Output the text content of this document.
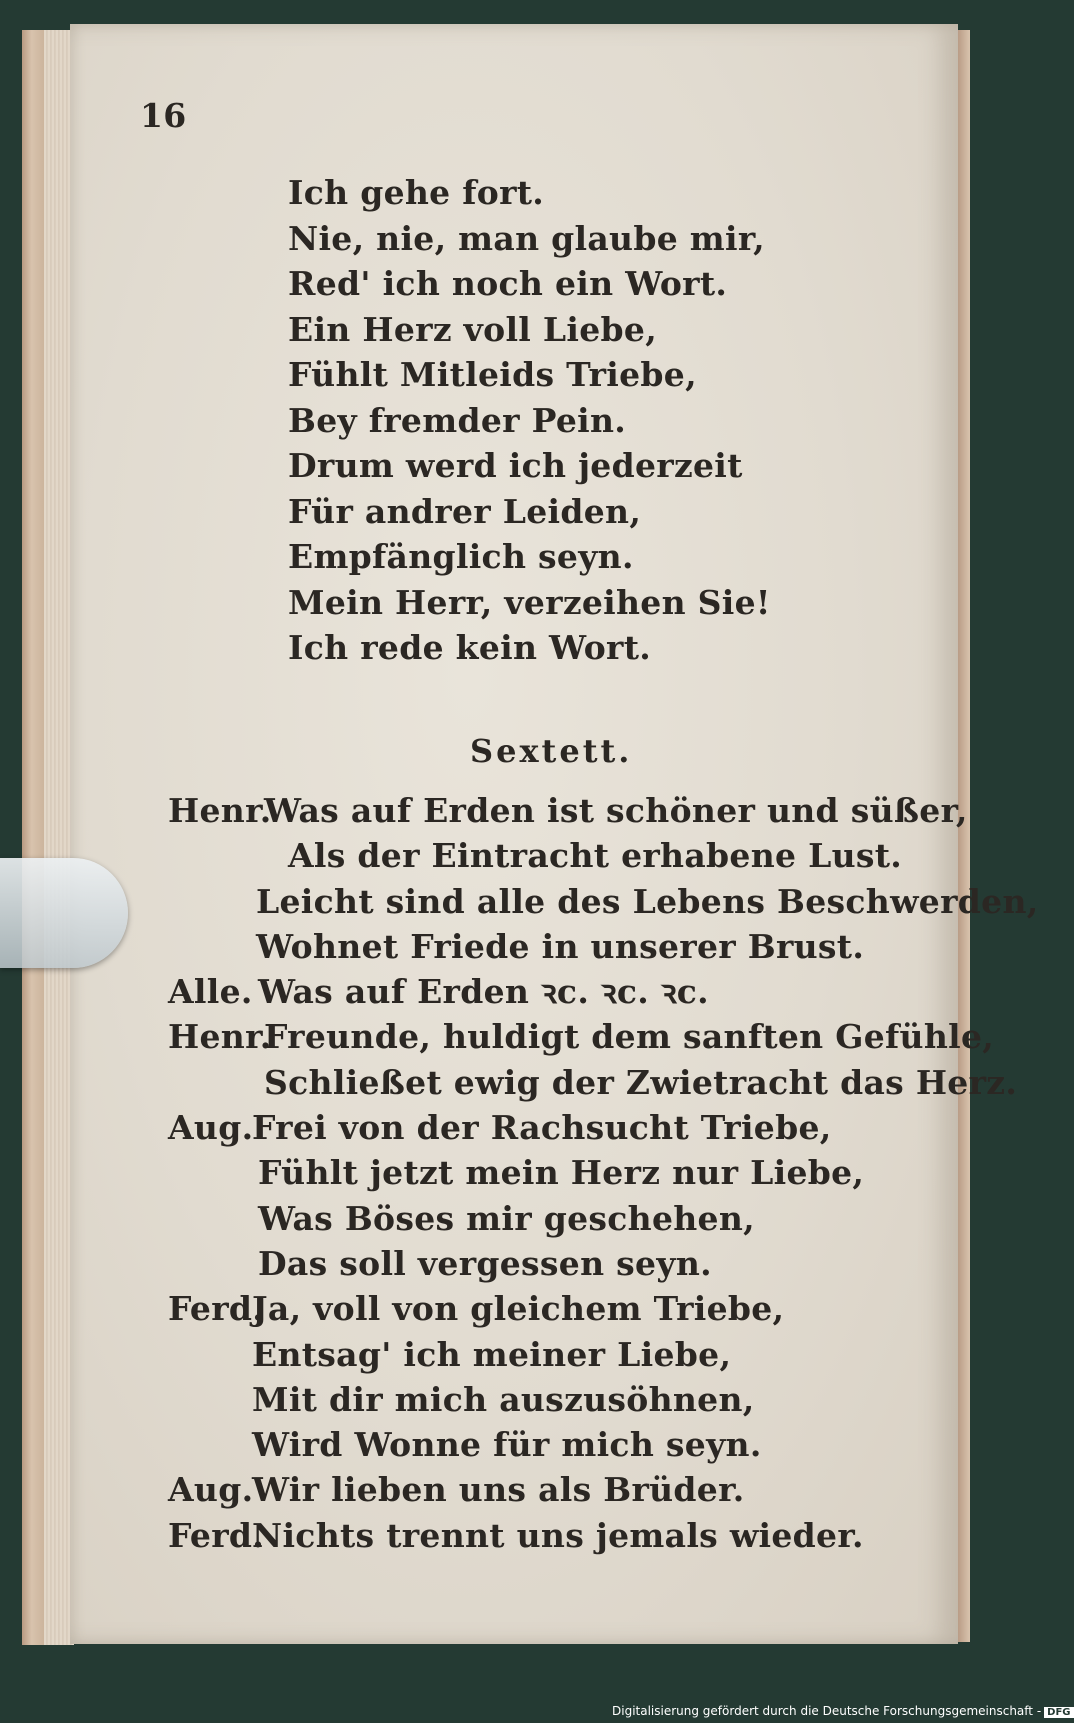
16
Ich gehe fort.
Nie, nie, man glaube mir,
Red' ich noch ein Wort.
Ein Herz voll Liebe,
Fühlt Mitleids Triebe,
Bey fremder Pein.
Drum werd ich jederzeit
Für andrer Leiden,
Empfänglich seyn.
Mein Herr, verzeihen Sie!
Ich rede kein Wort.
Sextett.
Henr.
Was auf Erden ist schöner und süßer,
Als der Eintracht erhabene Lust.
Leicht sind alle des Lebens Beschwerden,
Wohnet Friede in unserer Brust.
Alle. Was auf Erden ꝛc. ꝛc. ꝛc.
Henr.
Freunde, huldigt dem sanften Gefühle,
Schließet ewig der Zwietracht das Herz.
Aug.
Frei von der Rachsucht Triebe,
Fühlt jetzt mein Herz nur Liebe,
Was Böses mir geschehen,
Das soll vergessen seyn.
Ferd.
Ja, voll von gleichem Triebe,
Entsag' ich meiner Liebe,
Mit dir mich auszusöhnen,
Wird Wonne für mich seyn.
Aug.
Wir lieben uns als Brüder.
Ferd.
Nichts trennt uns jemals wieder.
Digitalisierung gefördert durch die Deutsche Forschungsgemeinschaft - DFG
